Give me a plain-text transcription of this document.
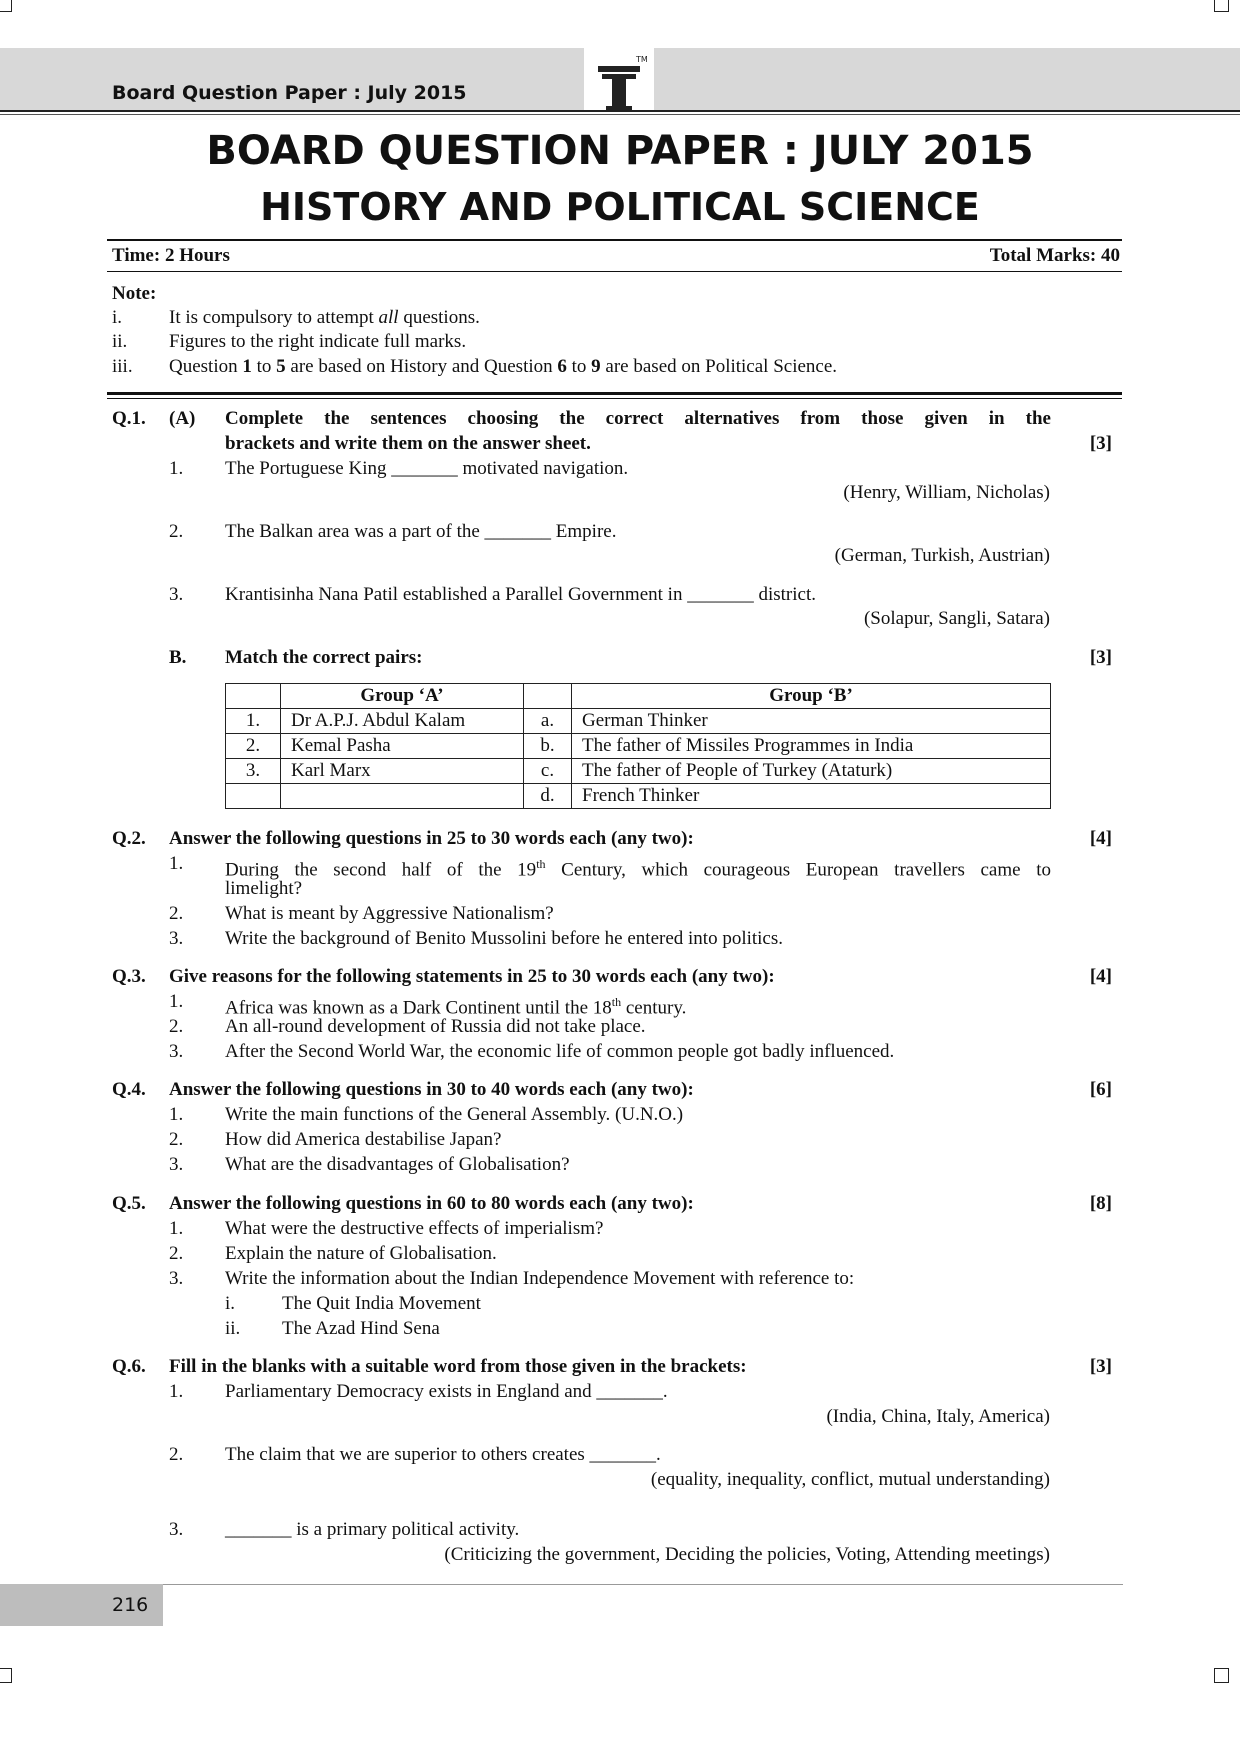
Board Question Paper : July 2015
TM
BOARD QUESTION PAPER : JULY 2015
HISTORY AND POLITICAL SCIENCE
Time: 2 Hours	Total Marks: 40
Note:
i. It is compulsory to attempt all questions.
ii. Figures to the right indicate full marks.
iii. Question 1 to 5 are based on History and Question 6 to 9 are based on Political Science.
Q.1. (A) Complete the sentences choosing the correct alternatives from those given in the
brackets and write them on the answer sheet.	[3]
1. The Portuguese King _______ motivated navigation.
(Henry, William, Nicholas)
2. The Balkan area was a part of the _______ Empire.
(German, Turkish, Austrian)
3. Krantisinha Nana Patil established a Parallel Government in _______ district.
(Solapur, Sangli, Satara)
B. Match the correct pairs:	[3]
	Group ‘A’		Group ‘B’
1.	Dr A.P.J. Abdul Kalam	a.	German Thinker
2.	Kemal Pasha	b.	The father of Missiles Programmes in India
3.	Karl Marx	c.	The father of People of Turkey (Ataturk)
		d.	French Thinker
Q.2. Answer the following questions in 25 to 30 words each (any two):	[4]
1. During the second half of the 19th Century, which courageous European travellers came to
limelight?
2. What is meant by Aggressive Nationalism?
3. Write the background of Benito Mussolini before he entered into politics.
Q.3. Give reasons for the following statements in 25 to 30 words each (any two):	[4]
1. Africa was known as a Dark Continent until the 18th century.
2. An all-round development of Russia did not take place.
3. After the Second World War, the economic life of common people got badly influenced.
Q.4. Answer the following questions in 30 to 40 words each (any two):	[6]
1. Write the main functions of the General Assembly. (U.N.O.)
2. How did America destabilise Japan?
3. What are the disadvantages of Globalisation?
Q.5. Answer the following questions in 60 to 80 words each (any two):	[8]
1. What were the destructive effects of imperialism?
2. Explain the nature of Globalisation.
3. Write the information about the Indian Independence Movement with reference to:
i. The Quit India Movement
ii. The Azad Hind Sena
Q.6. Fill in the blanks with a suitable word from those given in the brackets:	[3]
1. Parliamentary Democracy exists in England and _______.
(India, China, Italy, America)
2. The claim that we are superior to others creates _______.
(equality, inequality, conflict, mutual understanding)
3. _______ is a primary political activity.
(Criticizing the government, Deciding the policies, Voting, Attending meetings)
216
